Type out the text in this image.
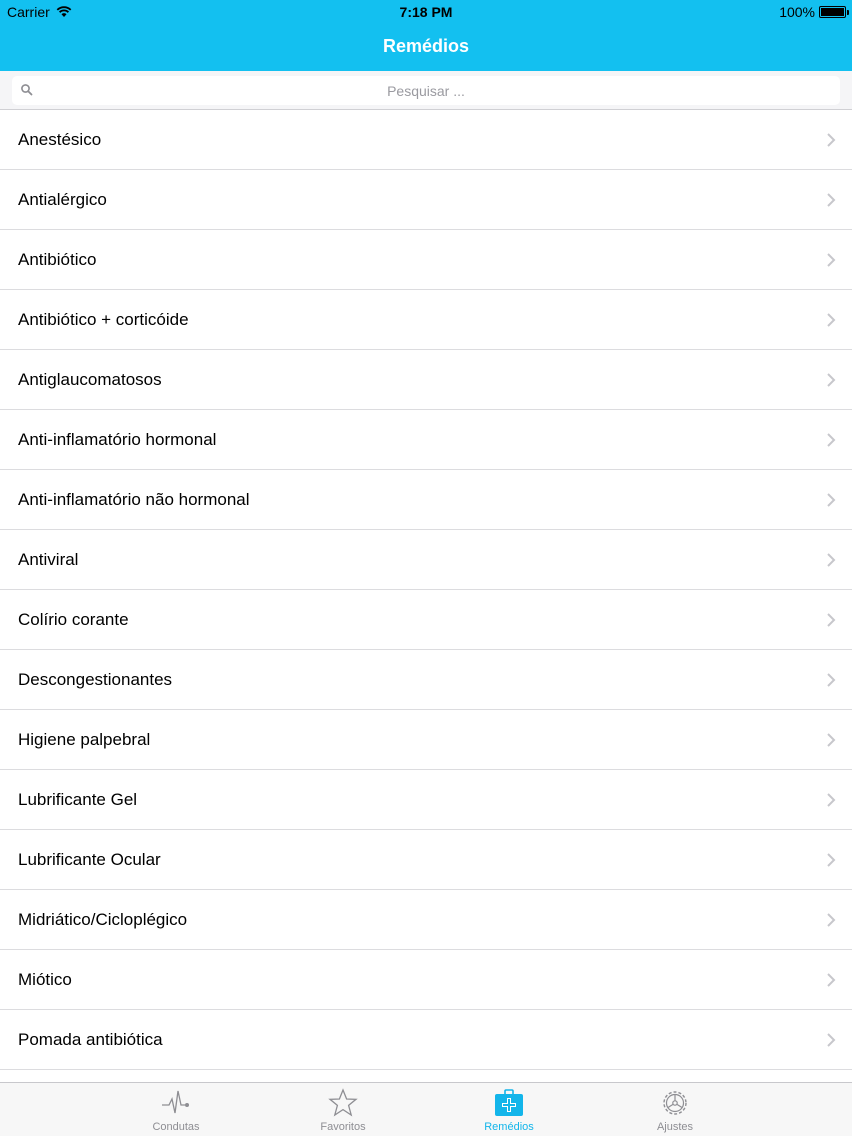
Carrier	7:18 PM	100%
Remédios
Pesquisar ...
Anestésico
Antialérgico
Antibiótico
Antibiótico + corticóide
Antiglaucomatosos
Anti-inflamatório hormonal
Anti-inflamatório não hormonal
Antiviral
Colírio corante
Descongestionantes
Higiene palpebral
Lubrificante Gel
Lubrificante Ocular
Midriático/Cicloplégico
Miótico
Pomada antibiótica
Condutas	Favoritos	Remédios	Ajustes
